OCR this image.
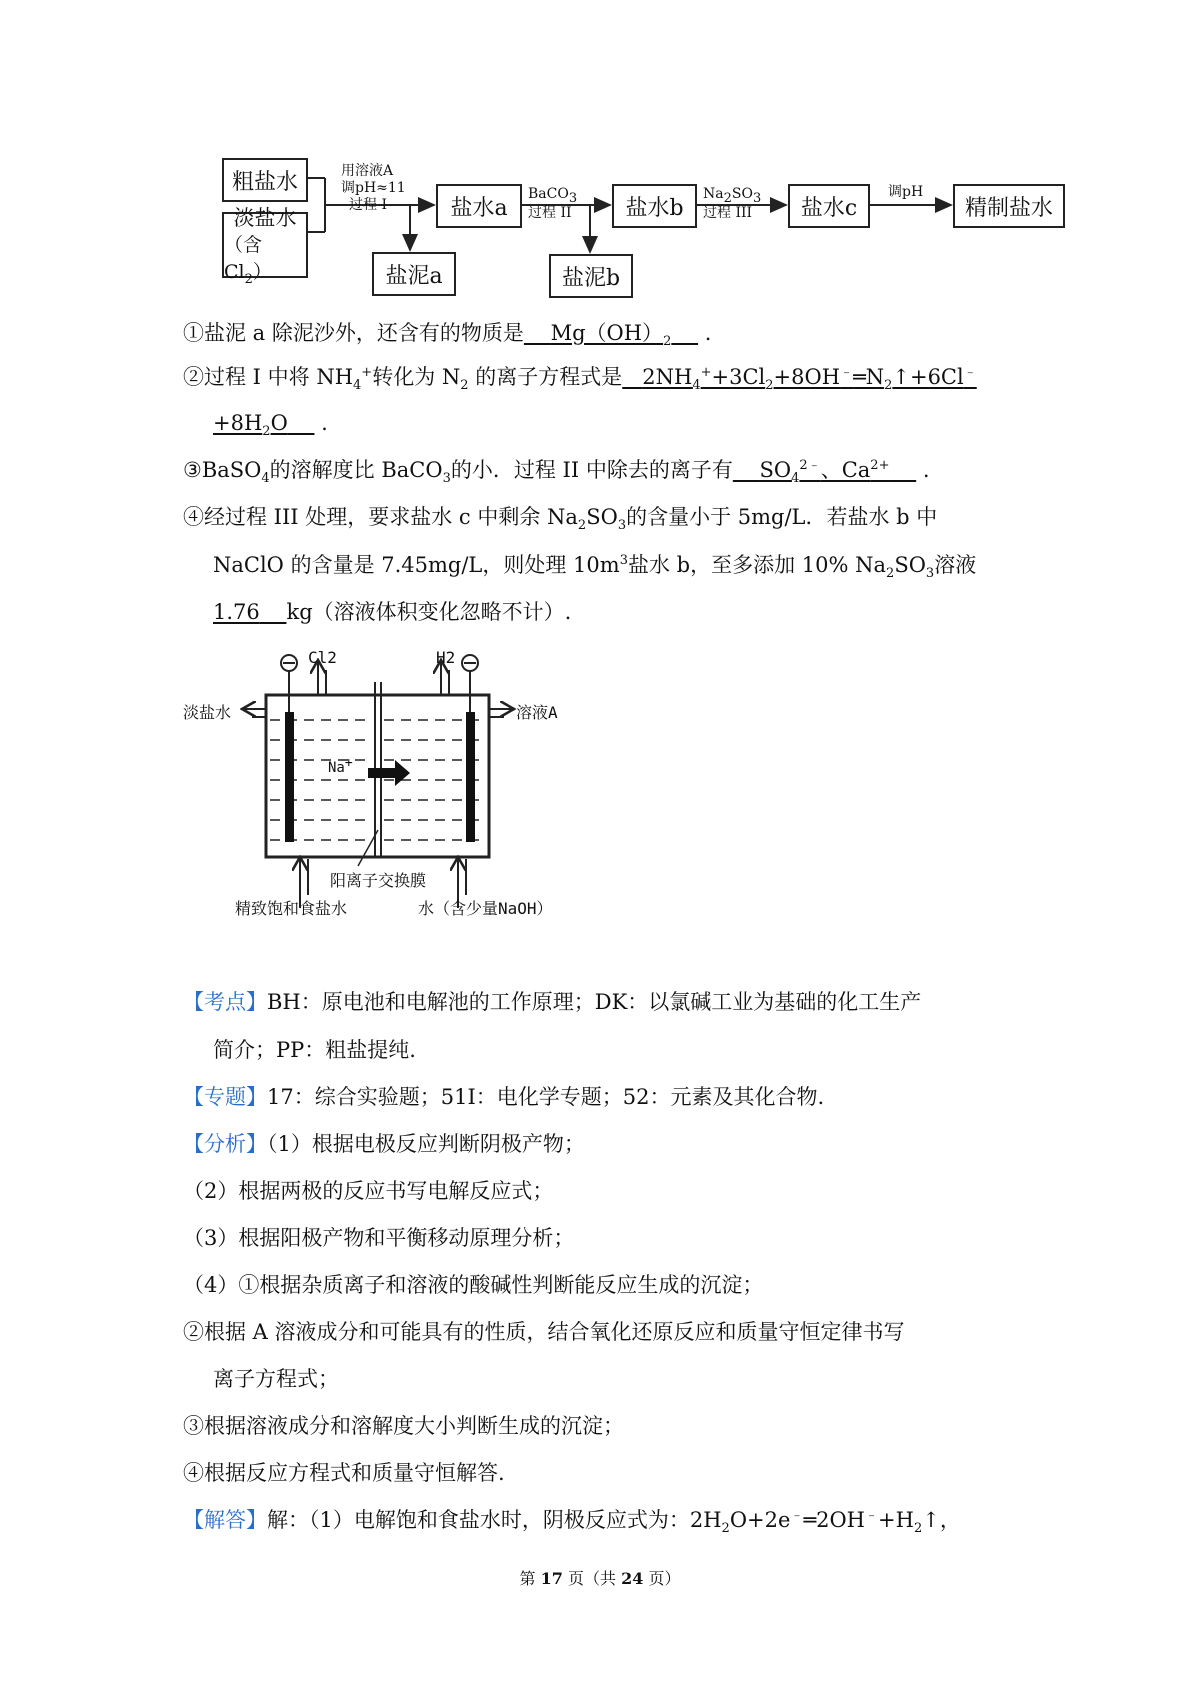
粗盐水
淡盐水
（含$Cl_2$）
用溶液A
调pH≈11
过程 I	盐水a
BaCO$_3$
过程 II	盐水b
$Na_2SO_3$
过程 III	盐水c
调pH
精制盐水
盐泥a	盐泥b
①盐泥 a 除泥沙外，还含有的物质是 $Mg(OH)_2$ .
②过程 I 中将 $NH_4^+$转化为 $N_2$ 的离子方程式是 $2NH_4^++3Cl_2+8OH^﹣═N_2↑+6Cl^﹣$
$+8H_2O$ .
③BaSO$_4$的溶解度比 BaCO$_3$的小．过程 II 中除去的离子有 $SO_4^{2﹣}$、$Ca^{2+}$ .
④经过程 III 处理，要求盐水 c 中剩余 $Na_2SO_3$的含量小于 5mg/L．若盐水 b 中
NaClO 的含量是 7.45mg/L，则处理 $10m^3$盐水 b，至多添加 10% $Na_2SO_3$溶液
1.76 kg（溶液体积变化忽略不计）.
Cl2	H2
淡盐水	溶液A
Na+
阳离子交换膜
精致饱和食盐水	水（含少量NaOH）
【考点】BH：原电池和电解池的工作原理；DK：以氯碱工业为基础的化工生产
简介；PP：粗盐提纯.
【专题】17：综合实验题；51I：电化学专题；52：元素及其化合物.
【分析】（1）根据电极反应判断阴极产物；
（2）根据两极的反应书写电解反应式；
（3）根据阳极产物和平衡移动原理分析；
（4）①根据杂质离子和溶液的酸碱性判断能反应生成的沉淀；
②根据 A 溶液成分和可能具有的性质，结合氧化还原反应和质量守恒定律书写
离子方程式；
③根据溶液成分和溶解度大小判断生成的沉淀；
④根据反应方程式和质量守恒解答.
【解答】解：（1）电解饱和食盐水时，阴极反应式为：$2H_2O+2e^﹣═2OH^﹣+H_2↑$，
第 17 页（共 24 页）
